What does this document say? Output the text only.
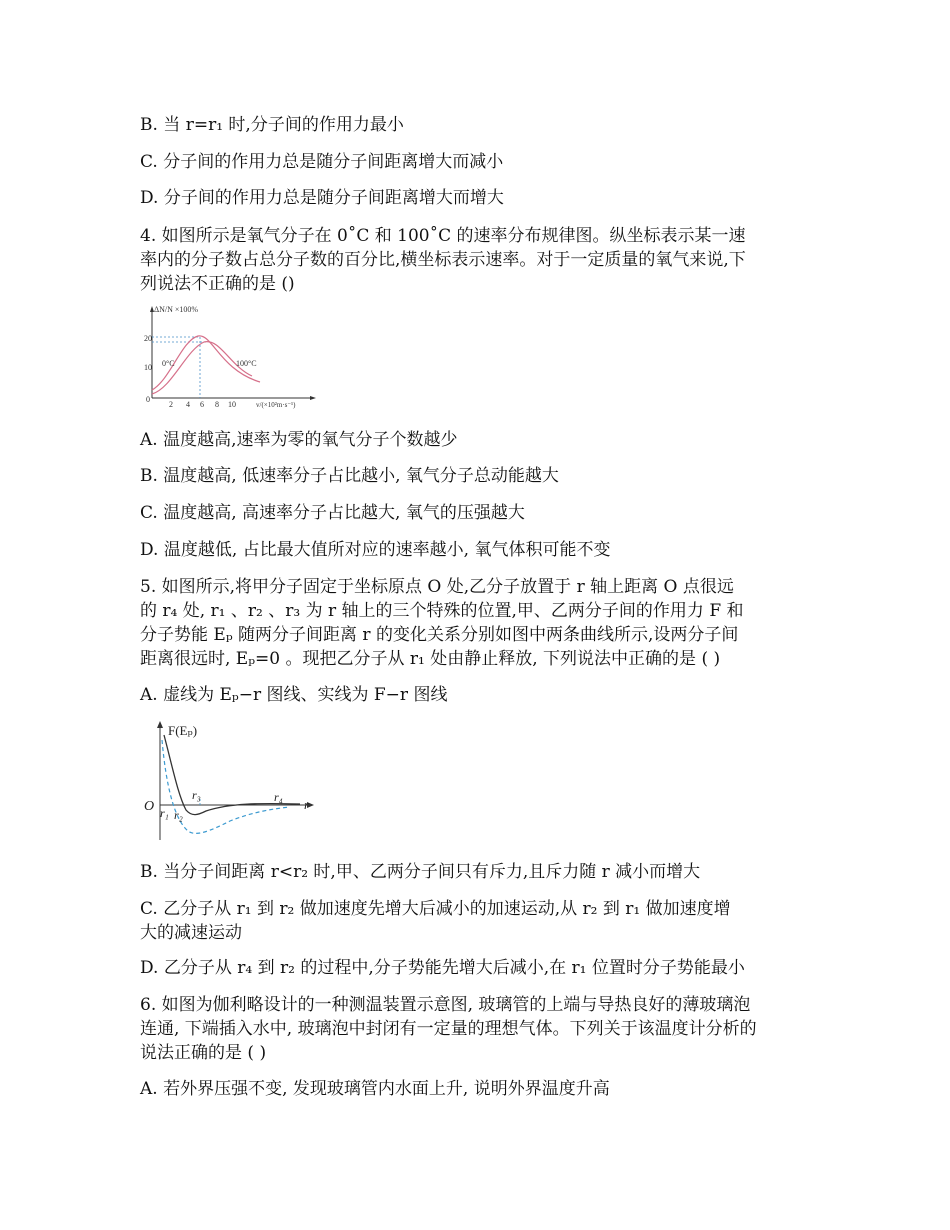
B. 当 r=r₁ 时,分子间的作用力最小
C. 分子间的作用力总是随分子间距离增大而减小
D. 分子间的作用力总是随分子间距离增大而增大
4. 如图所示是氧气分子在 0˚C 和 100˚C 的速率分布规律图。纵坐标表示某一速
率内的分子数占总分子数的百分比,横坐标表示速率。对于一定质量的氧气来说,下
列说法不正确的是 ()
ΔN/N ×100%
20
10
0
2 4 6 8 10	v/(×10²m·s⁻¹)
0°C	100°C
A. 温度越高,速率为零的氧气分子个数越少
B. 温度越高, 低速率分子占比越小, 氧气分子总动能越大
C. 温度越高, 高速率分子占比越大, 氧气的压强越大
D. 温度越低, 占比最大值所对应的速率越小, 氧气体积可能不变
5. 如图所示,将甲分子固定于坐标原点 O 处,乙分子放置于 r 轴上距离 O 点很远
的 r₄ 处, r₁ 、r₂ 、r₃ 为 r 轴上的三个特殊的位置,甲、乙两分子间的作用力 F 和
分子势能 Eₚ 随两分子间距离 r 的变化关系分别如图中两条曲线所示,设两分子间
距离很远时, Eₚ=0 。现把乙分子从 r₁ 处由静止释放, 下列说法中正确的是 ( )
A. 虚线为 Eₚ−r 图线、实线为 F−r 图线
F(Eₚ)
O	r
r₁ r₂
r₃	r₄
B. 当分子间距离 r<r₂ 时,甲、乙两分子间只有斥力,且斥力随 r 减小而增大
C. 乙分子从 r₁ 到 r₂ 做加速度先增大后减小的加速运动,从 r₂ 到 r₁ 做加速度增
大的减速运动
D. 乙分子从 r₄ 到 r₂ 的过程中,分子势能先增大后减小,在 r₁ 位置时分子势能最小
6. 如图为伽利略设计的一种测温装置示意图, 玻璃管的上端与导热良好的薄玻璃泡
连通, 下端插入水中, 玻璃泡中封闭有一定量的理想气体。下列关于该温度计分析的
说法正确的是 ( )
A. 若外界压强不变, 发现玻璃管内水面上升, 说明外界温度升高
